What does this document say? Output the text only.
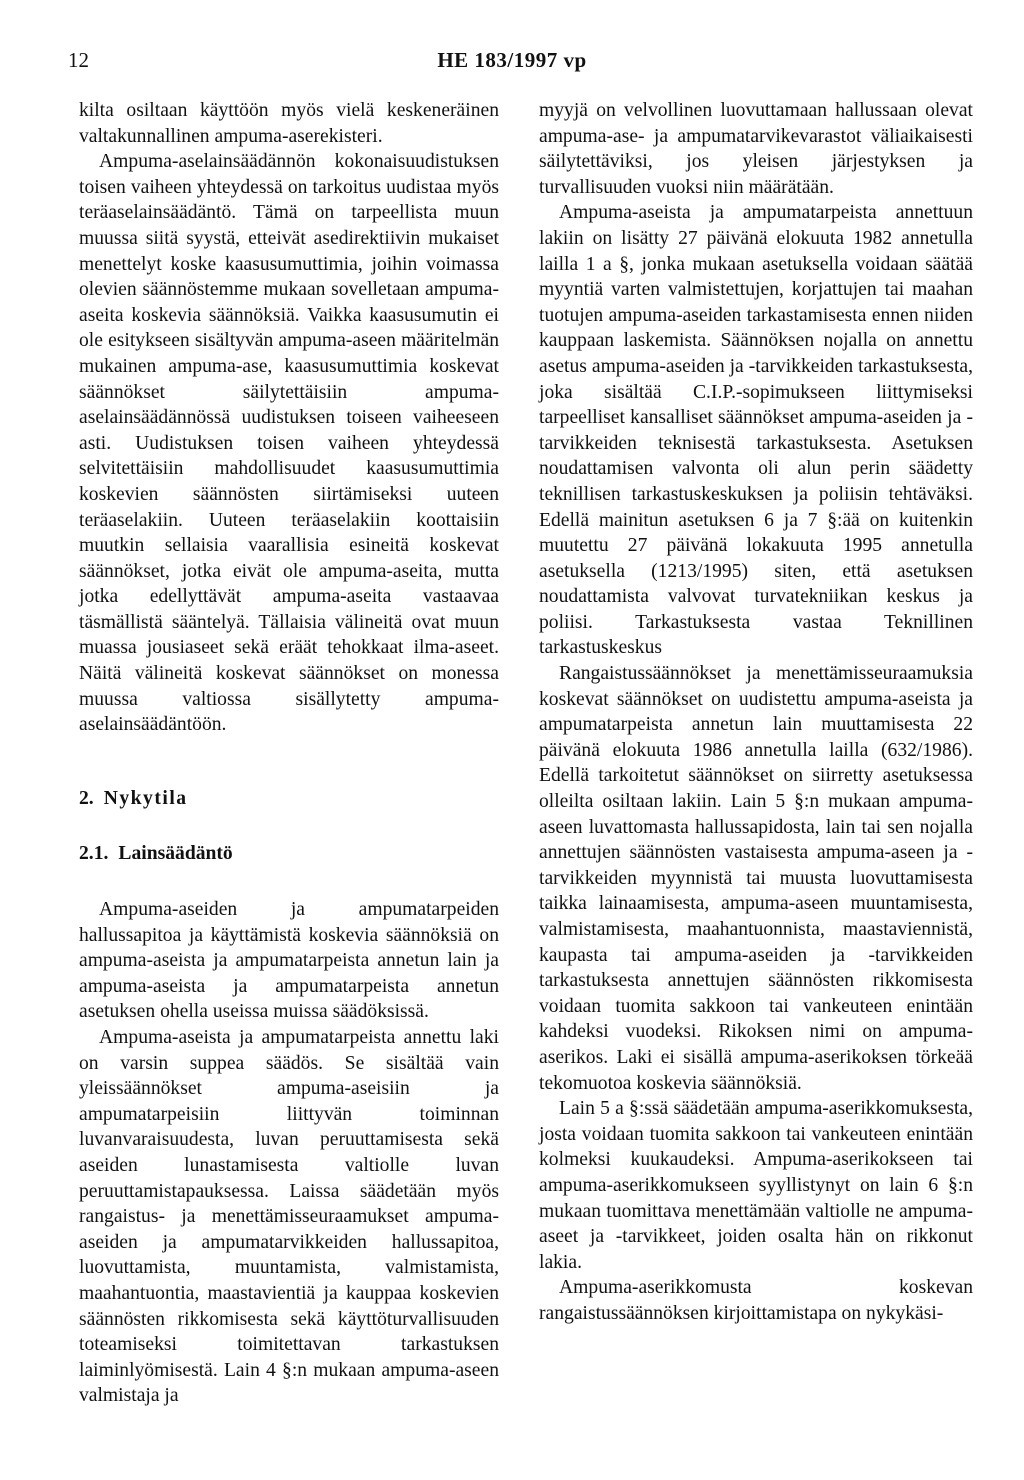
12	HE 183/1997 vp

kilta osiltaan käyttöön myös vielä keskeneräinen valtakunnallinen ampuma-aserekisteri.

Ampuma-aselainsäädännön kokonaisuudistuksen toisen vaiheen yhteydessä on tarkoitus uudistaa myös teräaselainsäädäntö. Tämä on tarpeellista muun muussa siitä syystä, etteivät asedirektiivin mukaiset menettelyt koske kaasusumuttimia, joihin voimassa olevien säännöstemme mukaan sovelletaan ampuma-aseita koskevia säännöksiä. Vaikka kaasusumutin ei ole esitykseen sisältyvän ampuma-aseen määritelmän mukainen ampuma-ase, kaasusumuttimia koskevat säännökset säilytettäisiin ampuma-aselainsäädännössä uudistuksen toiseen vaiheeseen asti. Uudistuksen toisen vaiheen yhteydessä selvitettäisiin mahdollisuudet kaasusumuttimia koskevien säännösten siirtämiseksi uuteen teräaselakiin. Uuteen teräaselakiin koottaisiin muutkin sellaisia vaarallisia esineitä koskevat säännökset, jotka eivät ole ampuma-aseita, mutta jotka edellyttävät ampuma-aseita vastaavaa täsmällistä sääntelyä. Tällaisia välineitä ovat muun muassa jousiaseet sekä eräät tehokkaat ilma-aseet. Näitä välineitä koskevat säännökset on monessa muussa valtiossa sisällytetty ampuma-aselainsäädäntöön.

2. Nykytila
2.1. Lainsäädäntö

Ampuma-aseiden ja ampumatarpeiden hallussapitoa ja käyttämistä koskevia säännöksiä on ampuma-aseista ja ampumatarpeista annetun lain ja ampuma-aseista ja ampumatarpeista annetun asetuksen ohella useissa muissa säädöksissä.

Ampuma-aseista ja ampumatarpeista annettu laki on varsin suppea säädös. Se sisältää vain yleissäännökset ampuma-aseisiin ja ampumatarpeisiin liittyvän toiminnan luvanvaraisuudesta, luvan peruuttamisesta sekä aseiden lunastamisesta valtiolle luvan peruuttamistapauksessa. Laissa säädetään myös rangaistus- ja menettämisseuraamukset ampuma-aseiden ja ampumatarvikkeiden hallussapitoa, luovuttamista, muuntamista, valmistamista, maahantuontia, maastavientiä ja kauppaa koskevien säännösten rikkomisesta sekä käyttöturvallisuuden toteamiseksi toimitettavan tarkastuksen laiminlyömisestä. Lain 4 §:n mukaan ampuma-aseen valmistaja ja

myyjä on velvollinen luovuttamaan hallussaan olevat ampuma-ase- ja ampumatarvikevarastot väliaikaisesti säilytettäviksi, jos yleisen järjestyksen ja turvallisuuden vuoksi niin määrätään.

Ampuma-aseista ja ampumatarpeista annettuun lakiin on lisätty 27 päivänä elokuuta 1982 annetulla lailla 1 a §, jonka mukaan asetuksella voidaan säätää myyntiä varten valmistettujen, korjattujen tai maahan tuotujen ampuma-aseiden tarkastamisesta ennen niiden kauppaan laskemista. Säännöksen nojalla on annettu asetus ampuma-aseiden ja -tarvikkeiden tarkastuksesta, joka sisältää C.I.P.-sopimukseen liittymiseksi tarpeelliset kansalliset säännökset ampuma-aseiden ja -tarvikkeiden teknisestä tarkastuksesta. Asetuksen noudattamisen valvonta oli alun perin säädetty teknillisen tarkastuskeskuksen ja poliisin tehtäväksi. Edellä mainitun asetuksen 6 ja 7 §:ää on kuitenkin muutettu 27 päivänä lokakuuta 1995 annetulla asetuksella (1213/1995) siten, että asetuksen noudattamista valvovat turvatekniikan keskus ja poliisi. Tarkastuksesta vastaa Teknillinen tarkastuskeskus

Rangaistussäännökset ja menettämisseuraamuksia koskevat säännökset on uudistettu ampuma-aseista ja ampumatarpeista annetun lain muuttamisesta 22 päivänä elokuuta 1986 annetulla lailla (632/1986). Edellä tarkoitetut säännökset on siirretty asetuksessa olleilta osiltaan lakiin. Lain 5 §:n mukaan ampuma-aseen luvattomasta hallussapidosta, lain tai sen nojalla annettujen säännösten vastaisesta ampuma-aseen ja -tarvikkeiden myynnistä tai muusta luovuttamisesta taikka lainaamisesta, ampuma-aseen muuntamisesta, valmistamisesta, maahantuonnista, maastaviennistä, kaupasta tai ampuma-aseiden ja -tarvikkeiden tarkastuksesta annettujen säännösten rikkomisesta voidaan tuomita sakkoon tai vankeuteen enintään kahdeksi vuodeksi. Rikoksen nimi on ampuma-aserikos. Laki ei sisällä ampuma-aserikoksen törkeää tekomuotoa koskevia säännöksiä.

Lain 5 a §:ssä säädetään ampuma-aserikkomuksesta, josta voidaan tuomita sakkoon tai vankeuteen enintään kolmeksi kuukaudeksi. Ampuma-aserikokseen tai ampuma-aserikkomukseen syyllistynyt on lain 6 §:n mukaan tuomittava menettämään valtiolle ne ampuma-aseet ja -tarvikkeet, joiden osalta hän on rikkonut lakia.

Ampuma-aserikkomusta koskevan rangaistussäännöksen kirjoittamistapa on nykykäsi-
